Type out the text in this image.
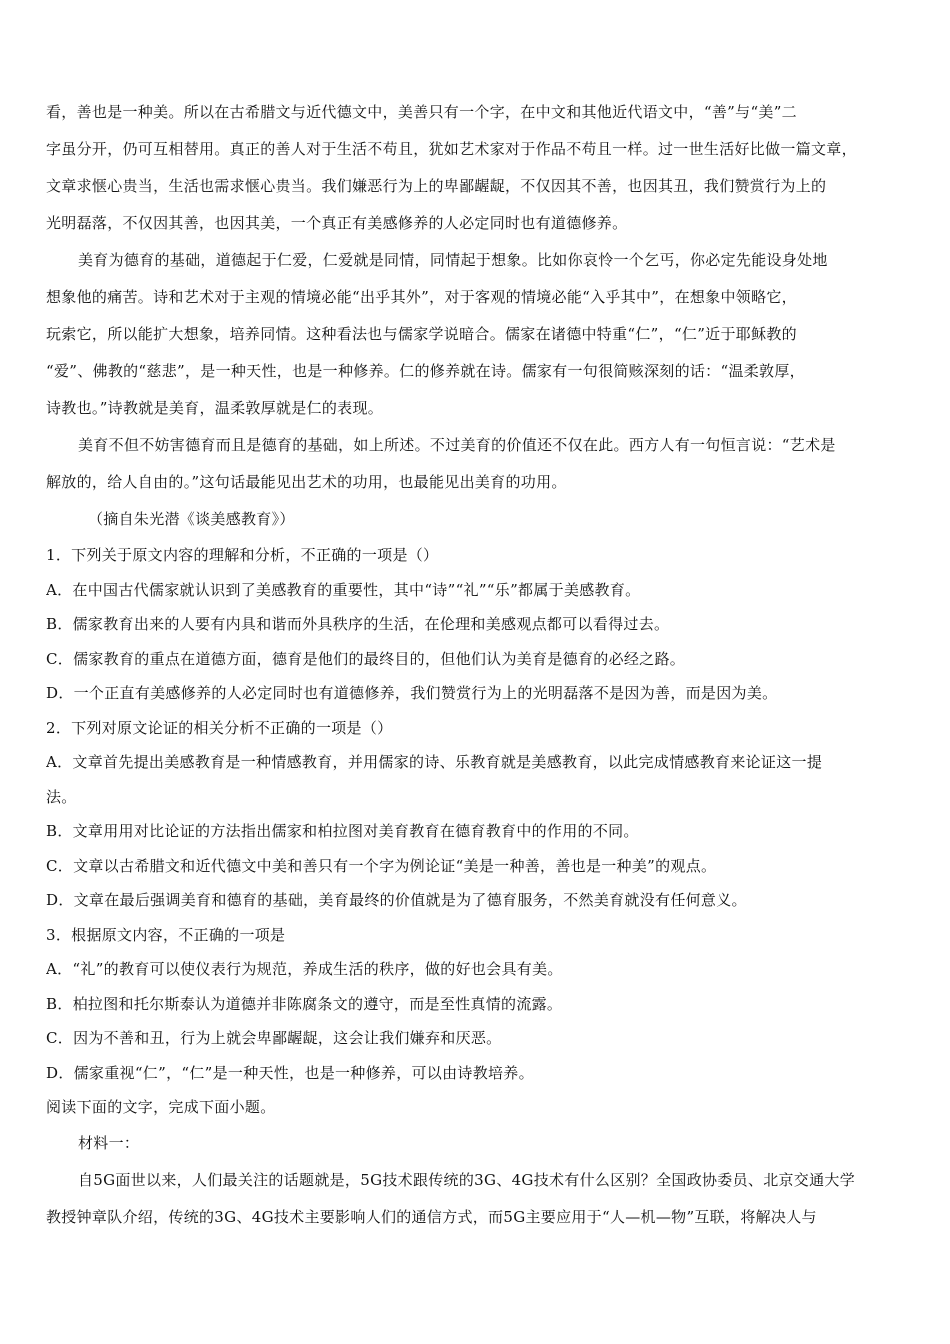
看，善也是一种美。所以在古希腊文与近代德文中，美善只有一个字，在中文和其他近代语文中，“善”与“美”二
字虽分开，仍可互相替用。真正的善人对于生活不苟且，犹如艺术家对于作品不苟且一样。过一世生活好比做一篇文章，
文章求惬心贵当，生活也需求惬心贵当。我们嫌恶行为上的卑鄙龌龊，不仅因其不善，也因其丑，我们赞赏行为上的
光明磊落，不仅因其善，也因其美，一个真正有美感修养的人必定同时也有道德修养。
美育为德育的基础，道德起于仁爱，仁爱就是同情，同情起于想象。比如你哀怜一个乞丐，你必定先能设身处地
想象他的痛苦。诗和艺术对于主观的情境必能“出乎其外”，对于客观的情境必能“入乎其中”，在想象中领略它，
玩索它，所以能扩大想象，培养同情。这种看法也与儒家学说暗合。儒家在诸德中特重“仁”，“仁”近于耶稣教的
“爱”、佛教的“慈悲”，是一种天性，也是一种修养。仁的修养就在诗。儒家有一句很简赅深刻的话：“温柔敦厚，
诗教也。”诗教就是美育，温柔敦厚就是仁的表现。
美育不但不妨害德育而且是德育的基础，如上所述。不过美育的价值还不仅在此。西方人有一句恒言说：“艺术是
解放的，给人自由的。”这句话最能见出艺术的功用，也最能见出美育的功用。
（摘自朱光潜《谈美感教育》）
1．下列关于原文内容的理解和分析，不正确的一项是（）
A．在中国古代儒家就认识到了美感教育的重要性，其中“诗”“礼”“乐”都属于美感教育。
B．儒家教育出来的人要有内具和谐而外具秩序的生活，在伦理和美感观点都可以看得过去。
C．儒家教育的重点在道德方面，德育是他们的最终目的，但他们认为美育是德育的必经之路。
D．一个正直有美感修养的人必定同时也有道德修养，我们赞赏行为上的光明磊落不是因为善，而是因为美。
2．下列对原文论证的相关分析不正确的一项是（）
A．文章首先提出美感教育是一种情感教育，并用儒家的诗、乐教育就是美感教育，以此完成情感教育来论证这一提
法。
B．文章用用对比论证的方法指出儒家和柏拉图对美育教育在德育教育中的作用的不同。
C．文章以古希腊文和近代德文中美和善只有一个字为例论证“美是一种善，善也是一种美”的观点。
D．文章在最后强调美育和德育的基础，美育最终的价值就是为了德育服务，不然美育就没有任何意义。
3．根据原文内容，不正确的一项是
A．“礼”的教育可以使仪表行为规范，养成生活的秩序，做的好也会具有美。
B．柏拉图和托尔斯泰认为道德并非陈腐条文的遵守，而是至性真情的流露。
C．因为不善和丑，行为上就会卑鄙龌龊，这会让我们嫌弃和厌恶。
D．儒家重视“仁”，“仁”是一种天性，也是一种修养，可以由诗教培养。
阅读下面的文字，完成下面小题。
材料一：
自5G面世以来，人们最关注的话题就是，5G技术跟传统的3G、4G技术有什么区别？全国政协委员、北京交通大学
教授钟章队介绍，传统的3G、4G技术主要影响人们的通信方式，而5G主要应用于“人—机—物”互联，将解决人与
